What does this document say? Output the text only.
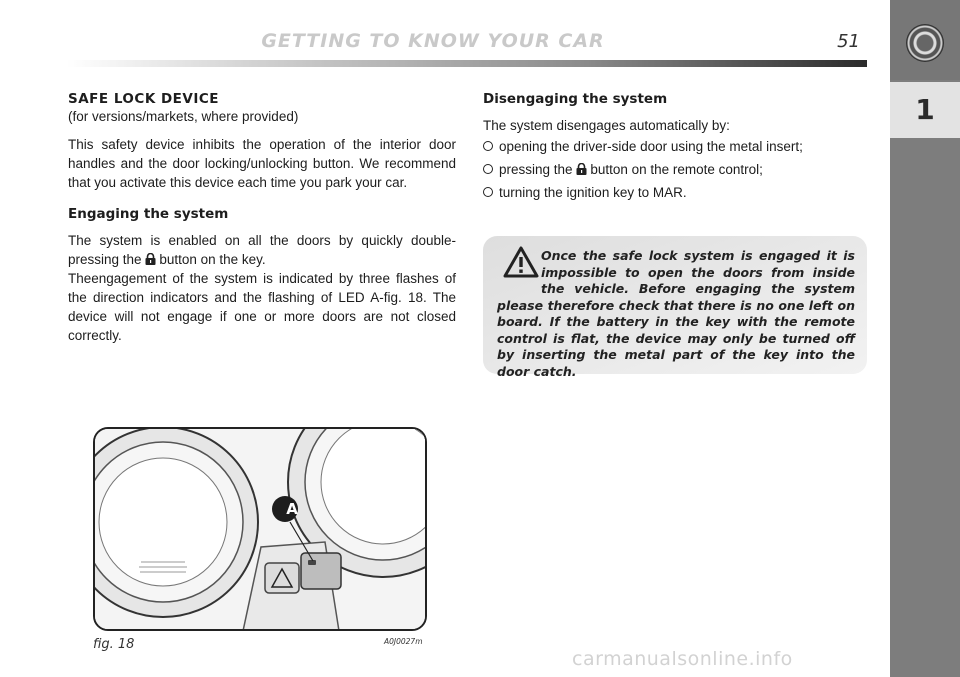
GETTING TO KNOW YOUR CAR	51
1
SAFE LOCK DEVICE

(for versions/markets, where provided)

This safety device inhibits the operation of the interior door handles and the door locking/unlocking button. We recommend that you activate this device each time you park your car.

Engaging the system

The system is enabled on all the doors by quickly double-pressing the button on the key.

Theengagement of the system is indicated by three flashes of the direction indicators and the flashing of LED A-fig. 18. The device will not engage if one or more doors are not closed correctly.

Disengaging the system

The system disengages automatically by:

opening the driver-side door using the metal insert;
pressing the button on the remote control;
turning the ignition key to MAR.

Once the safe lock system is engaged it is impossible to open the doors from inside the vehicle. Before engaging the system please therefore check that there is no one left on board. If the battery in the key with the remote control is flat, the device may only be turned off by inserting the metal part of the key into the door catch.

A
fig. 18	A0J0027m
carmanualsonline.info
